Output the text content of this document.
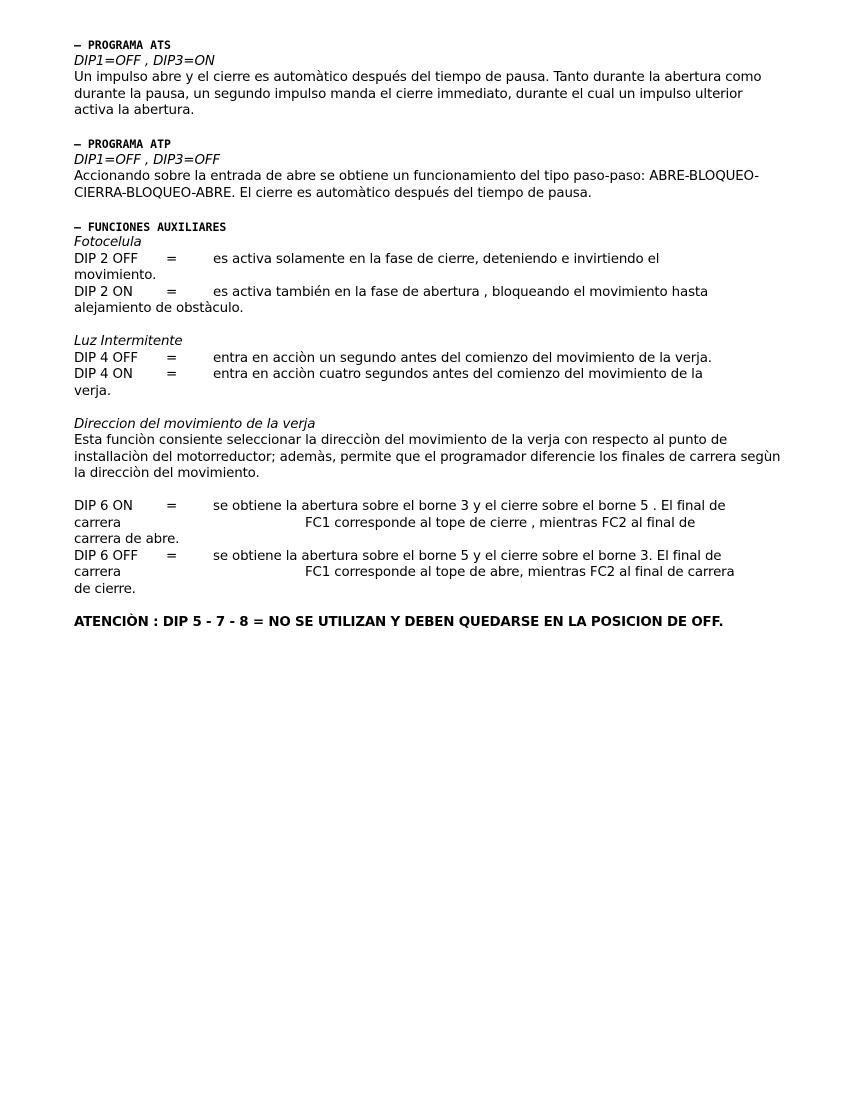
– PROGRAMA ATS
DIP1=OFF , DIP3=ON

Un impulso abre y el cierre es automàtico después del tiempo de pausa. Tanto durante la abertura como durante la pausa, un segundo impulso manda el cierre immediato, durante el cual un impulso ulterior activa la abertura.

– PROGRAMA ATP
DIP1=OFF , DIP3=OFF

Accionando sobre la entrada de abre se obtiene un funcionamiento del tipo paso-paso: ABRE-BLOQUEO-CIERRA-BLOQUEO-ABRE. El cierre es automàtico después del tiempo de pausa.

– FUNCIONES AUXILIARES
Fotocelula
DIP 2 OFF =	es activa solamente en la fase de cierre, deteniendo e invirtiendo el
movimiento.
DIP 2 ON =	es activa también en la fase de abertura , bloqueando el movimiento hasta
alejamiento de obstàculo.
Luz Intermitente
DIP 4 OFF =	entra en acciòn un segundo antes del comienzo del movimiento de la verja.
DIP 4 ON =	entra en acciòn cuatro segundos antes del comienzo del movimiento de la
verja.
Direccion del movimiento de la verja

Esta funciòn consiente seleccionar la direcciòn del movimiento de la verja con respecto al punto de installaciòn del motorreductor; ademàs, permite que el programador diferencie los finales de carrera segùn la direcciòn del movimiento.

DIP 6 ON =	se obtiene la abertura sobre el borne 3 y el cierre sobre el borne 5 . El final de
carrera	FC1 corresponde al tope de cierre , mientras FC2 al final de
carrera de abre.
DIP 6 OFF =	se obtiene la abertura sobre el borne 5 y el cierre sobre el borne 3. El final de
carrera	FC1 corresponde al tope de abre, mientras FC2 al final de carrera
de cierre.
ATENCIÒN : DIP 5 - 7 - 8 = NO SE UTILIZAN Y DEBEN QUEDARSE EN LA POSICION DE OFF.
